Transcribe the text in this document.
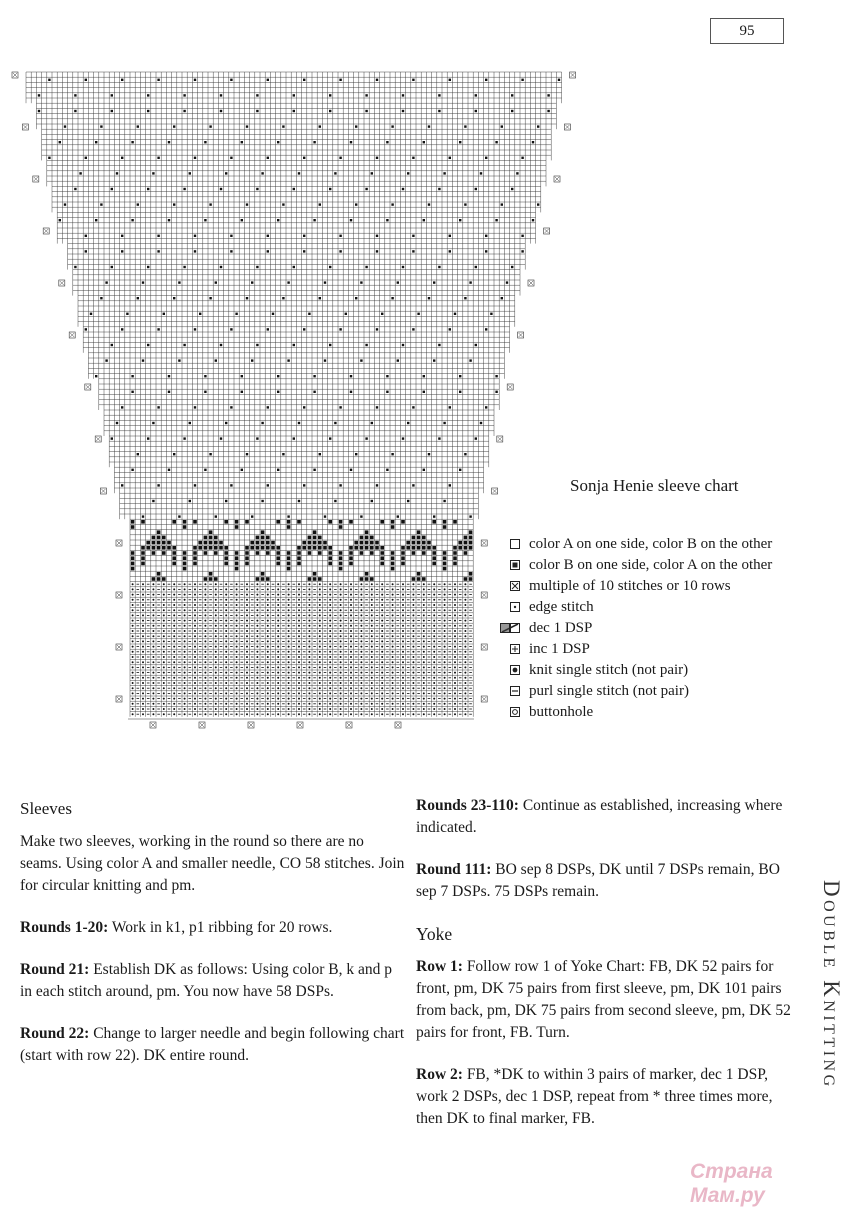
95
Sonja Henie sleeve chart
color A on one side, color B on the other
color B on one side, color A on the other
multiple of 10 stitches or 10 rows
edge stitch
dec 1 DSP
inc 1 DSP
knit single stitch (not pair)
purl single stitch (not pair)
buttonhole
Sleeves

Make two sleeves, working in the round so there are no seams. Using color A and smaller needle, CO 58 stitches. Join for circular knitting and pm.

Rounds 1-20: Work in k1, p1 ribbing for 20 rows.

Round 21: Establish DK as follows: Using color B, k and p in each stitch around, pm. You now have 58 DSPs.

Round 22: Change to larger needle and begin following chart (start with row 22). DK entire round.

Rounds 23-110: Continue as established, increasing where indicated.

Round 111: BO sep 8 DSPs, DK until 7 DSPs remain, BO sep 7 DSPs. 75 DSPs remain.

Yoke

Row 1: Follow row 1 of Yoke Chart: FB, DK 52 pairs for front, pm, DK 75 pairs from first sleeve, pm, DK 101 pairs from back, pm, DK 75 pairs from second sleeve, pm, DK 52 pairs for front, FB. Turn.

Row 2: FB, *DK to within 3 pairs of marker, dec 1 DSP, work 2 DSPs, dec 1 DSP, repeat from * three times more, then DK to final marker, FB.

Double Knitting
Страна Мам.ру
